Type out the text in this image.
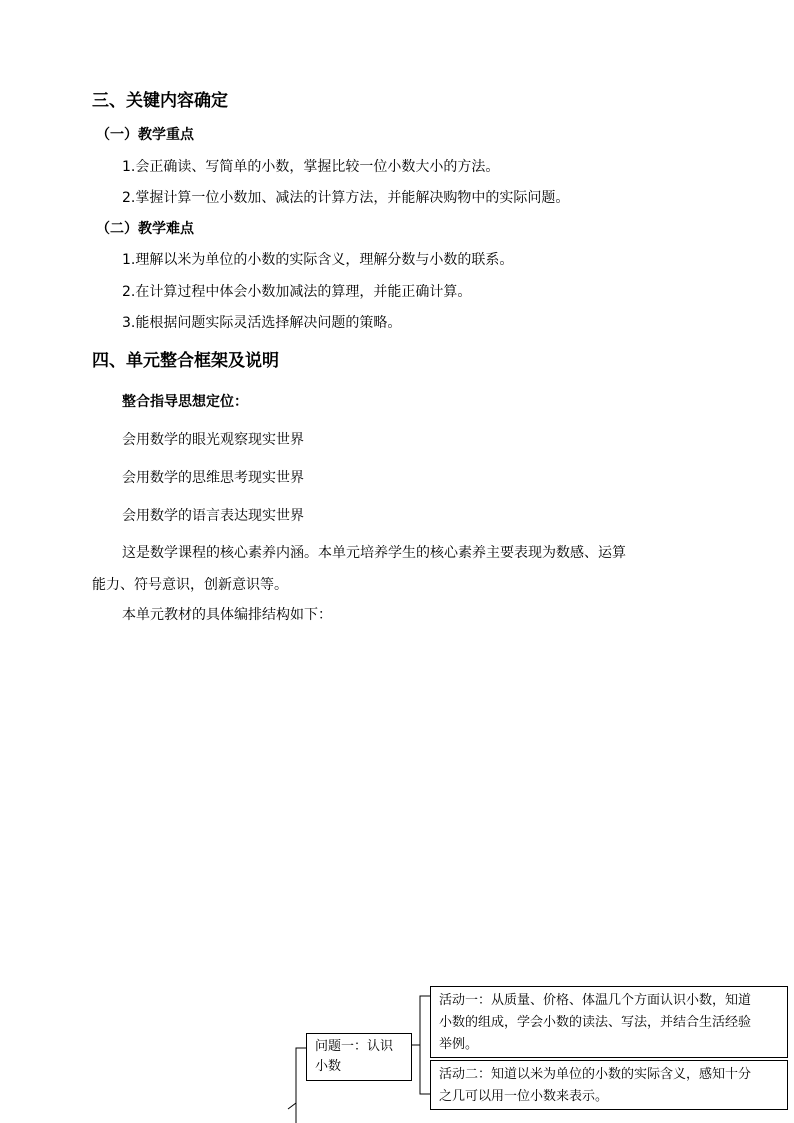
三、关键内容确定
（一）教学重点
1.会正确读、写简单的小数，掌握比较一位小数大小的方法。
2.掌握计算一位小数加、减法的计算方法，并能解决购物中的实际问题。
（二）教学难点
1.理解以米为单位的小数的实际含义，理解分数与小数的联系。
2.在计算过程中体会小数加减法的算理，并能正确计算。
3.能根据问题实际灵活选择解决问题的策略。
四、单元整合框架及说明
整合指导思想定位：
会用数学的眼光观察现实世界
会用数学的思维思考现实世界
会用数学的语言表达现实世界
这是数学课程的核心素养内涵。本单元培养学生的核心素养主要表现为数感、运算
能力、符号意识，创新意识等。
本单元教材的具体编排结构如下：
问题一：认识
小数
活动一：从质量、价格、体温几个方面认识小数，知道
小数的组成，学会小数的读法、写法，并结合生活经验
举例。
活动二：知道以米为单位的小数的实际含义，感知十分
之几可以用一位小数来表示。
